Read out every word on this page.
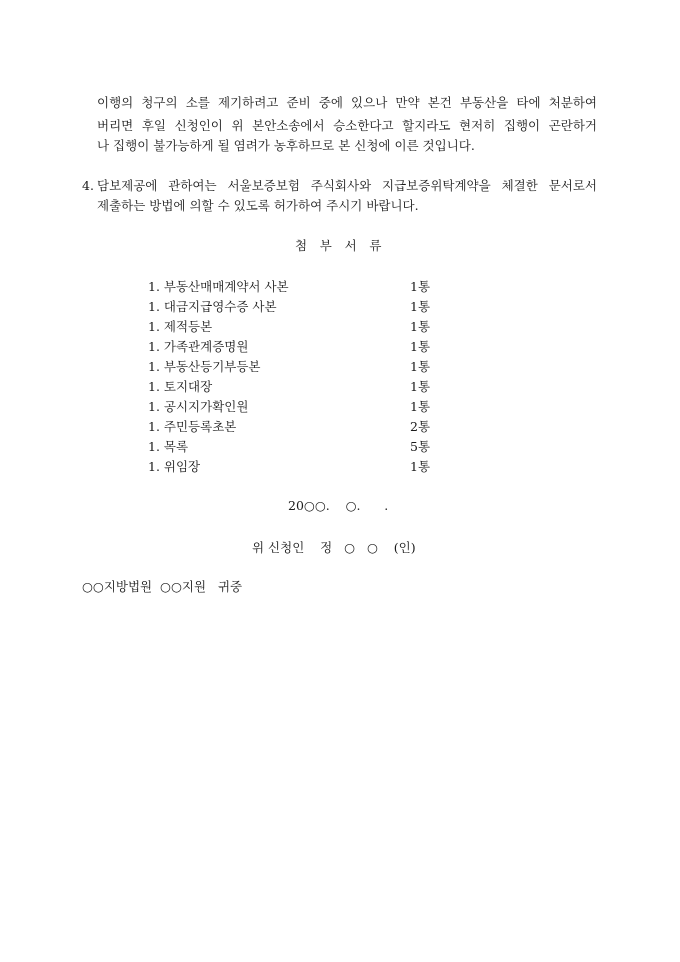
이행의 청구의 소를 제기하려고 준비 중에 있으나 만약 본건 부동산을 타에 처분하여
버리면 후일 신청인이 위 본안소송에서 승소한다고 할지라도 현저히 집행이 곤란하거
나 집행이 불가능하게 될 염려가 농후하므로 본 신청에 이른 것입니다.
4. 담보제공에 관하여는 서울보증보험 주식회사와 지급보증위탁계약을 체결한 문서로서
제출하는 방법에 의할 수 있도록 허가하여 주시기 바랍니다.
첨 부 서 류
1. 부동산매매계약서 사본	1통
1. 대금지급영수증 사본	1통
1. 제적등본	1통
1. 가족관계증명원	1통
1. 부동산등기부등본	1통
1. 토지대장	1통
1. 공시지가확인원	1통
1. 주민등록초본	2통
1. 목록	5통
1. 위임장	1통
20○○.    ○.      .
위 신청인    정   ○   ○    (인)
○○지방법원  ○○지원   귀중
